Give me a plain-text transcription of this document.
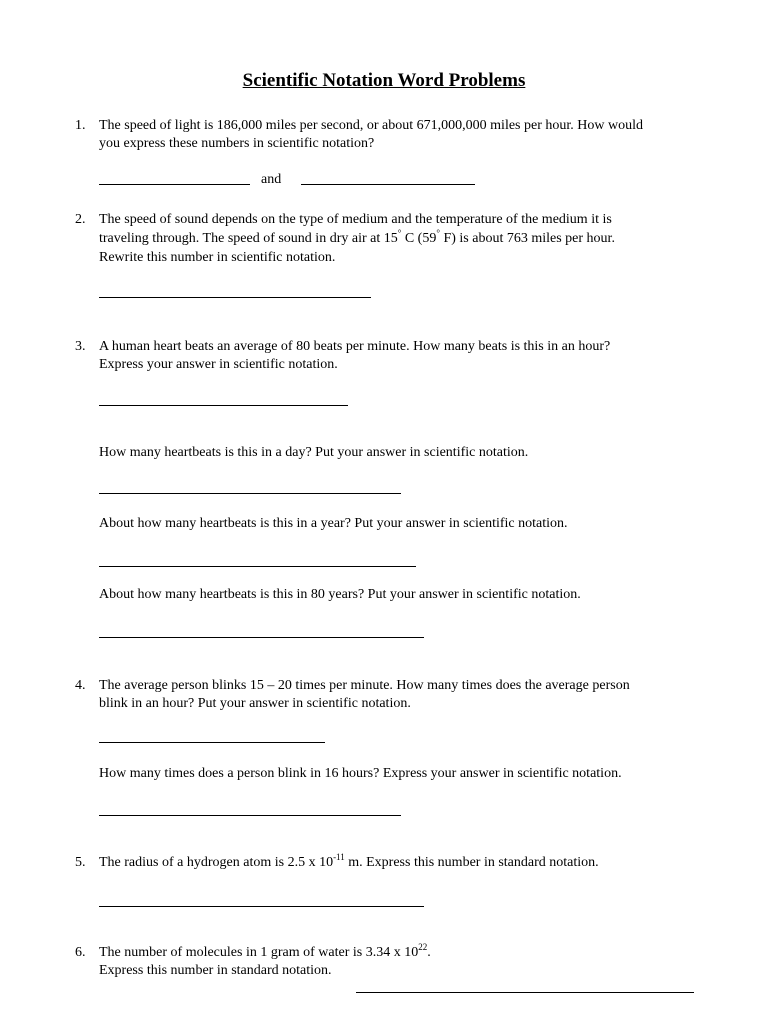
Scientific Notation Word Problems
1. The speed of light is 186,000 miles per second, or about 671,000,000 miles per hour. How would
you express these numbers in scientific notation?
and
2. The speed of sound depends on the type of medium and the temperature of the medium it is
traveling through. The speed of sound in dry air at 15° C (59° F) is about 763 miles per hour.
Rewrite this number in scientific notation.
3. A human heart beats an average of 80 beats per minute. How many beats is this in an hour?
Express your answer in scientific notation.
How many heartbeats is this in a day? Put your answer in scientific notation.
About how many heartbeats is this in a year? Put your answer in scientific notation.
About how many heartbeats is this in 80 years? Put your answer in scientific notation.
4. The average person blinks 15 – 20 times per minute. How many times does the average person
blink in an hour? Put your answer in scientific notation.
How many times does a person blink in 16 hours? Express your answer in scientific notation.
5. The radius of a hydrogen atom is 2.5 x $10^{-11}$ m. Express this number in standard notation.
6. The number of molecules in 1 gram of water is 3.34 x $10^{22}$.
Express this number in standard notation.
